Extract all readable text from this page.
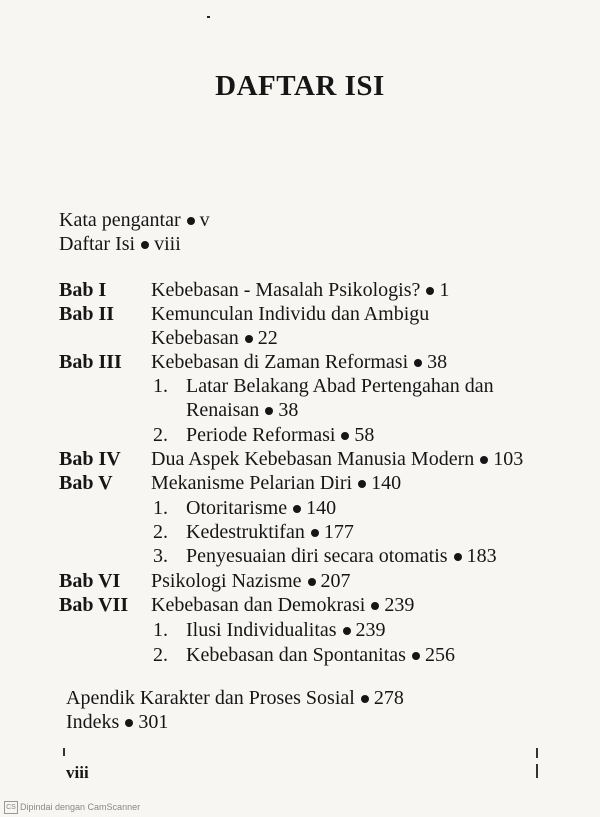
DAFTAR ISI
Kata pengantar v
Daftar Isi viii
Bab I Kebebasan - Masalah Psikologis? 1
Bab II Kemunculan Individu dan Ambigu
Kebebasan 22
Bab III Kebebasan di Zaman Reformasi 38
1. Latar Belakang Abad Pertengahan dan
Renaisan 38
2. Periode Reformasi 58
Bab IV Dua Aspek Kebebasan Manusia Modern 103
Bab V Mekanisme Pelarian Diri 140
1. Otoritarisme 140
2. Kedestruktifan 177
3. Penyesuaian diri secara otomatis 183
Bab VI Psikologi Nazisme 207
Bab VII Kebebasan dan Demokrasi 239
1. Ilusi Individualitas 239
2. Kebebasan dan Spontanitas 256
Apendik Karakter dan Proses Sosial 278
Indeks 301
viii
CS Dipindai dengan CamScanner
